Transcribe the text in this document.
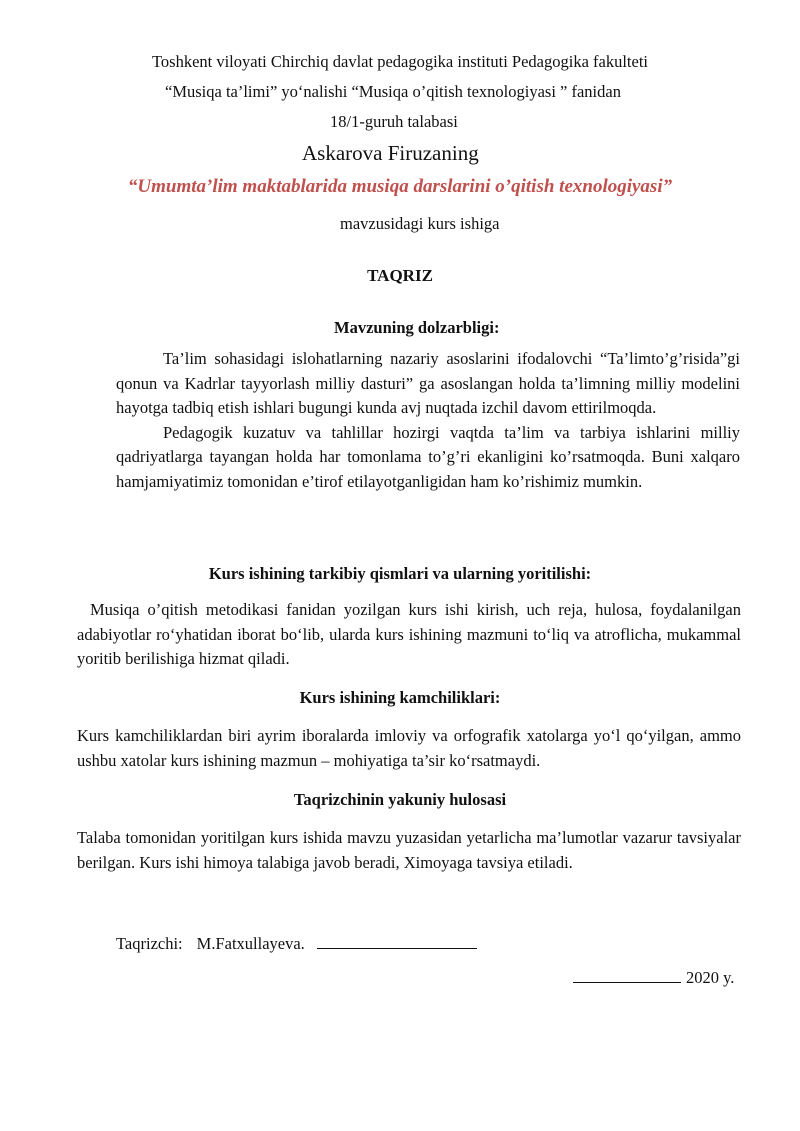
Toshkent viloyati Chirchiq davlat pedagogika instituti Pedagogika fakulteti
“Musiqa ta’limi” yo‘nalishi “Musiqa o’qitish texnologiyasi ” fanidan
18/1-guruh talabasi
Askarova Firuzaning
“Umumta’lim maktablarida musiqa darslarini o’qitish texnologiyasi”
mavzusidagi kurs ishiga
TAQRIZ
Mavzuning dolzarbligi:

Ta’lim sohasidagi islohatlarning nazariy asoslarini ifodalovchi “Ta’limto’g’risida”gi qonun va Kadrlar tayyorlash milliy dasturi” ga asoslangan holda ta’limning milliy modelini hayotga tadbiq etish ishlari bugungi kunda avj nuqtada izchil davom ettirilmoqda.

Pedagogik kuzatuv va tahlillar hozirgi vaqtda ta’lim va tarbiya ishlarini milliy qadriyatlarga tayangan holda har tomonlama to’g’ri ekanligini ko’rsatmoqda. Buni xalqaro hamjamiyatimiz tomonidan e’tirof etilayotganligidan ham ko’rishimiz mumkin.

Kurs ishining tarkibiy qismlari va ularning yoritilishi:

Musiqa o’qitish metodikasi fanidan yozilgan kurs ishi kirish, uch reja, hulosa, foydalanilgan adabiyotlar ro‘yhatidan iborat bo‘lib, ularda kurs ishining mazmuni to‘liq va atroflicha, mukammal yoritib berilishiga hizmat qiladi.

Kurs ishining kamchiliklari:

Kurs kamchiliklardan biri ayrim iboralarda imloviy va orfografik xatolarga yo‘l qo‘yilgan, ammo ushbu xatolar kurs ishining mazmun – mohiyatiga ta’sir ko‘rsatmaydi.

Taqrizchinin yakuniy hulosasi

Talaba tomonidan yoritilgan kurs ishida mavzu yuzasidan yetarlicha ma’lumotlar vazarur tavsiyalar berilgan. Kurs ishi himoya talabiga javob beradi, Ximoyaga tavsiya etiladi.

Taqrizchi: M.Fatxullayeva.
2020 y.
